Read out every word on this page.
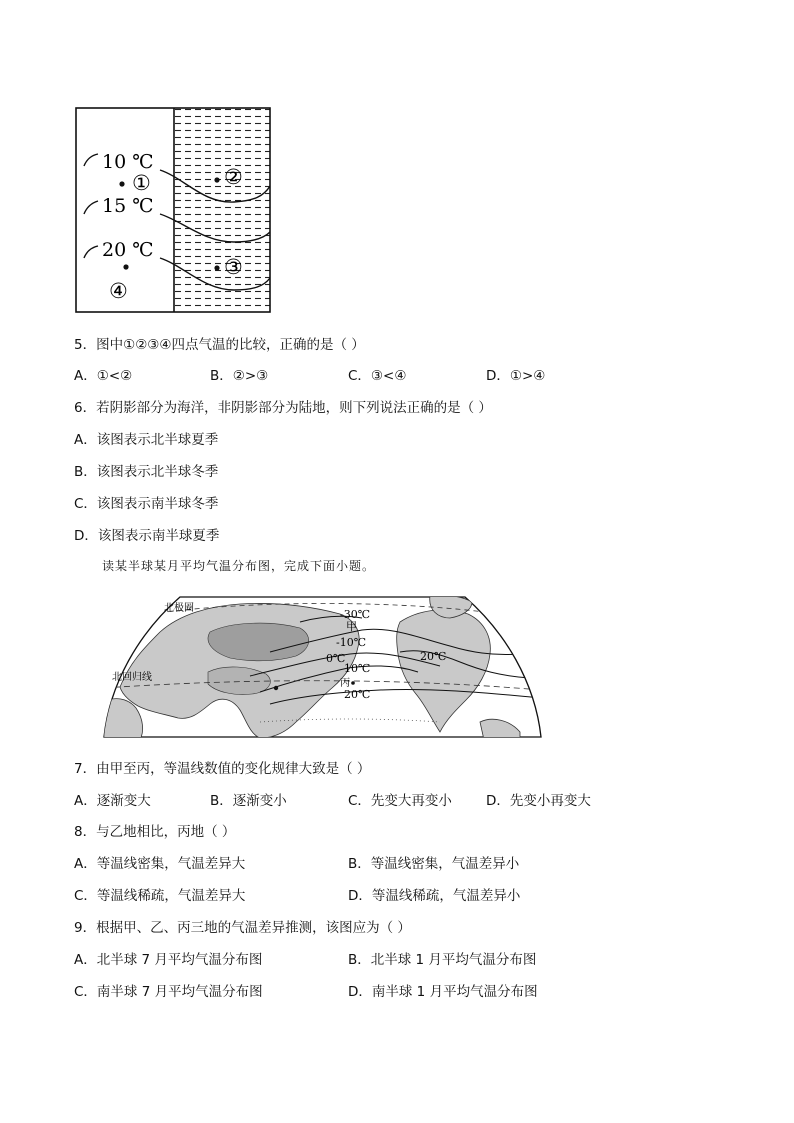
10 ℃
15 ℃
20 ℃
①	②
③
④
5．图中①②③④四点气温的比较，正确的是（ ）
A．①<②	B．②>③	C．③<④	D．①>④
6．若阴影部分为海洋，非阴影部分为陆地，则下列说法正确的是（ ）
A．该图表示北半球夏季
B．该图表示北半球冬季
C．该图表示南半球冬季
D．该图表示南半球夏季
读某半球某月平均气温分布图，完成下面小题。
北极圈
北回归线
-30℃
甲
-10℃
0℃
10℃
20℃
丙
20℃
7．由甲至丙，等温线数值的变化规律大致是（ ）
A．逐渐变大	B．逐渐变小	C．先变大再变小	D．先变小再变大
8．与乙地相比，丙地（ ）
A．等温线密集，气温差异大	B．等温线密集，气温差异小
C．等温线稀疏，气温差异大	D．等温线稀疏，气温差异小
9．根据甲、乙、丙三地的气温差异推测，该图应为（ ）
A．北半球 7 月平均气温分布图	B．北半球 1 月平均气温分布图
C．南半球 7 月平均气温分布图	D．南半球 1 月平均气温分布图
